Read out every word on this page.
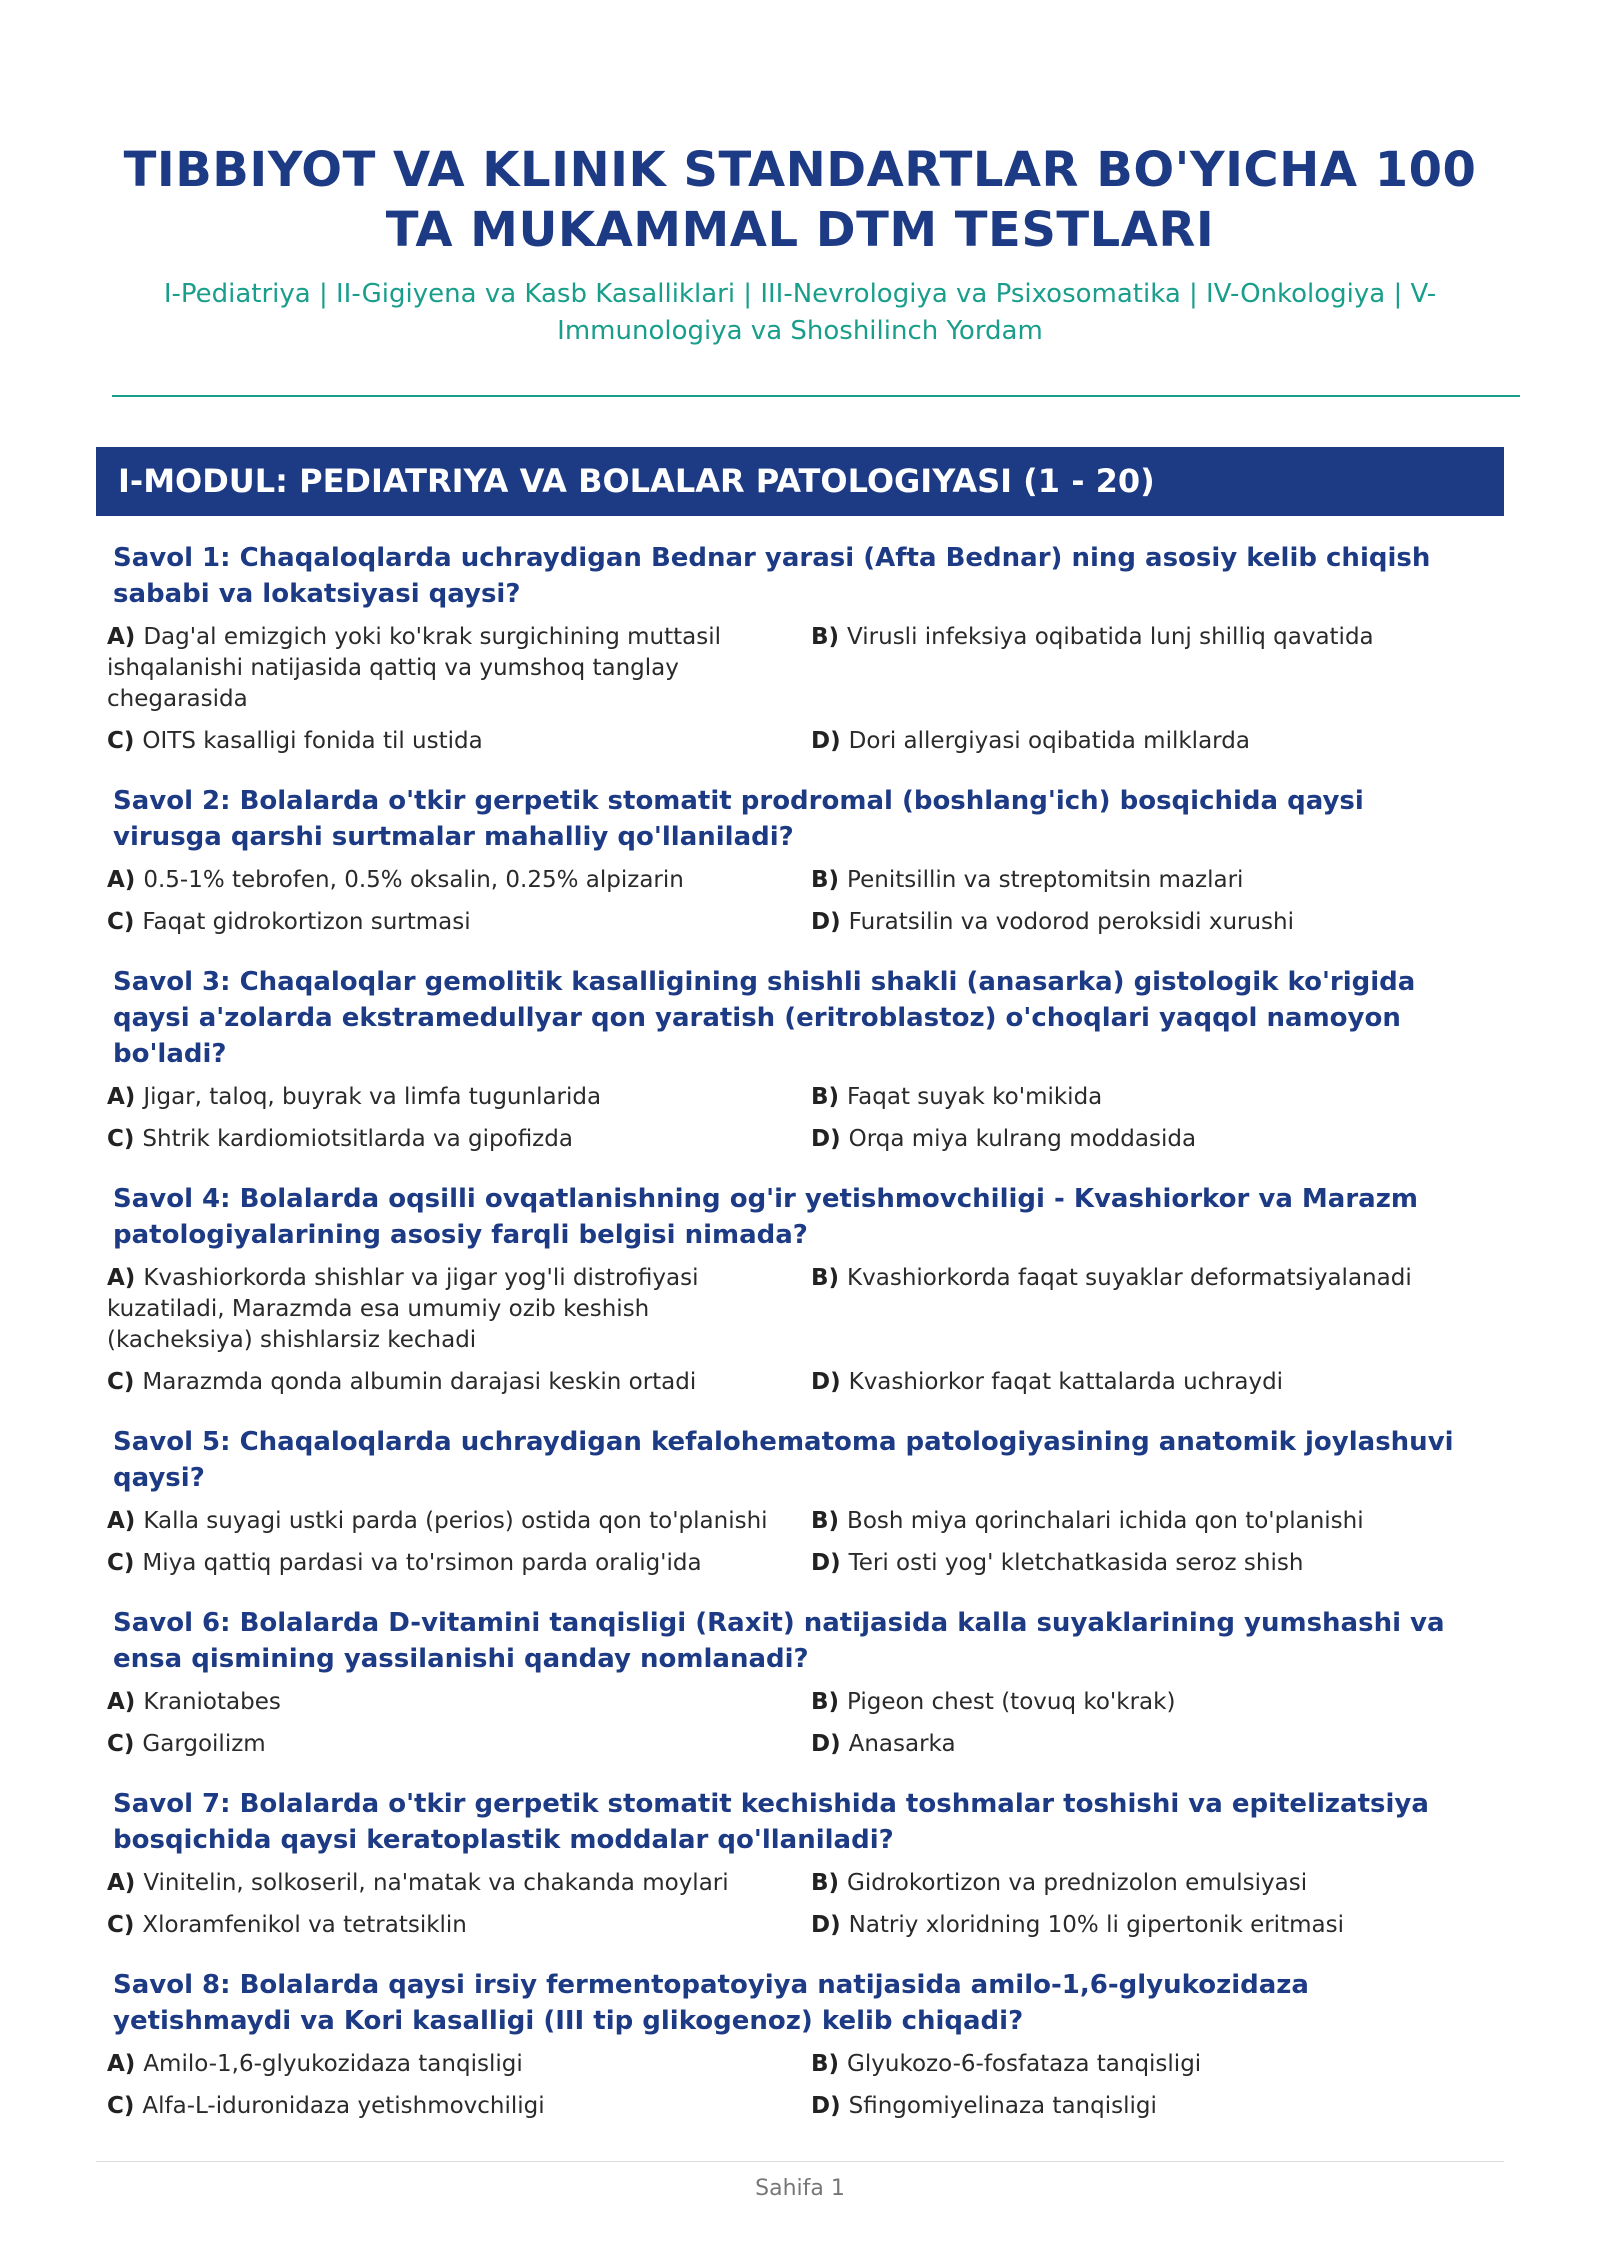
TIBBIYOT VA KLINIK STANDARTLAR BO'YICHA 100 TA MUKAMMAL DTM TESTLARI
I-Pediatriya | II-Gigiyena va Kasb Kasalliklari | III-Nevrologiya va Psixosomatika | IV-Onkologiya | V-Immunologiya va Shoshilinch Yordam
I-MODUL: PEDIATRIYA VA BOLALAR PATOLOGIYASI (1 - 20)
Savol 1: Chaqaloqlarda uchraydigan Bednar yarasi (Afta Bednar) ning asosiy kelib chiqish sababi va lokatsiyasi qaysi?
A) Dag'al emizgich yoki ko'krak surgichining muttasil ishqalanishi natijasida qattiq va yumshoq tanglay chegarasida
B) Virusli infeksiya oqibatida lunj shilliq qavatida
C) OITS kasalligi fonida til ustida	D) Dori allergiyasi oqibatida milklarda
Savol 2: Bolalarda o'tkir gerpetik stomatit prodromal (boshlang'ich) bosqichida qaysi virusga qarshi surtmalar mahalliy qo'llaniladi?
A) 0.5-1% tebrofen, 0.5% oksalin, 0.25% alpizarin	B) Penitsillin va streptomitsin mazlari
C) Faqat gidrokortizon surtmasi	D) Furatsilin va vodorod peroksidi xurushi
Savol 3: Chaqaloqlar gemolitik kasalligining shishli shakli (anasarka) gistologik ko'rigida qaysi a'zolarda ekstramedullyar qon yaratish (eritroblastoz) o'choqlari yaqqol namoyon bo'ladi?
A) Jigar, taloq, buyrak va limfa tugunlarida	B) Faqat suyak ko'mikida
C) Shtrik kardiomiotsitlarda va gipofizda	D) Orqa miya kulrang moddasida
Savol 4: Bolalarda oqsilli ovqatlanishning og'ir yetishmovchiligi - Kvashiorkor va Marazm patologiyalarining asosiy farqli belgisi nimada?
A) Kvashiorkorda shishlar va jigar yog'li distrofiyasi kuzatiladi, Marazmda esa umumiy ozib keshish (kacheksiya) shishlarsiz kechadi
B) Kvashiorkorda faqat suyaklar deformatsiyalanadi
C) Marazmda qonda albumin darajasi keskin ortadi	D) Kvashiorkor faqat kattalarda uchraydi
Savol 5: Chaqaloqlarda uchraydigan kefalohematoma patologiyasining anatomik joylashuvi qaysi?
A) Kalla suyagi ustki parda (perios) ostida qon to'planishi	B) Bosh miya qorinchalari ichida qon to'planishi
C) Miya qattiq pardasi va to'rsimon parda oralig'ida	D) Teri osti yog' kletchatkasida seroz shish
Savol 6: Bolalarda D-vitamini tanqisligi (Raxit) natijasida kalla suyaklarining yumshashi va ensa qismining yassilanishi qanday nomlanadi?
A) Kraniotabes	B) Pigeon chest (tovuq ko'krak)
C) Gargoilizm	D) Anasarka
Savol 7: Bolalarda o'tkir gerpetik stomatit kechishida toshmalar toshishi va epitelizatsiya bosqichida qaysi keratoplastik moddalar qo'llaniladi?
A) Vinitelin, solkoseril, na'matak va chakanda moylari	B) Gidrokortizon va prednizolon emulsiyasi
C) Xloramfenikol va tetratsiklin	D) Natriy xloridning 10% li gipertonik eritmasi
Savol 8: Bolalarda qaysi irsiy fermentopatoyiya natijasida amilo-1,6-glyukozidaza yetishmaydi va Kori kasalligi (III tip glikogenoz) kelib chiqadi?
A) Amilo-1,6-glyukozidaza tanqisligi	B) Glyukozo-6-fosfataza tanqisligi
C) Alfa-L-iduronidaza yetishmovchiligi	D) Sfingomiyelinaza tanqisligi
Sahifa 1
